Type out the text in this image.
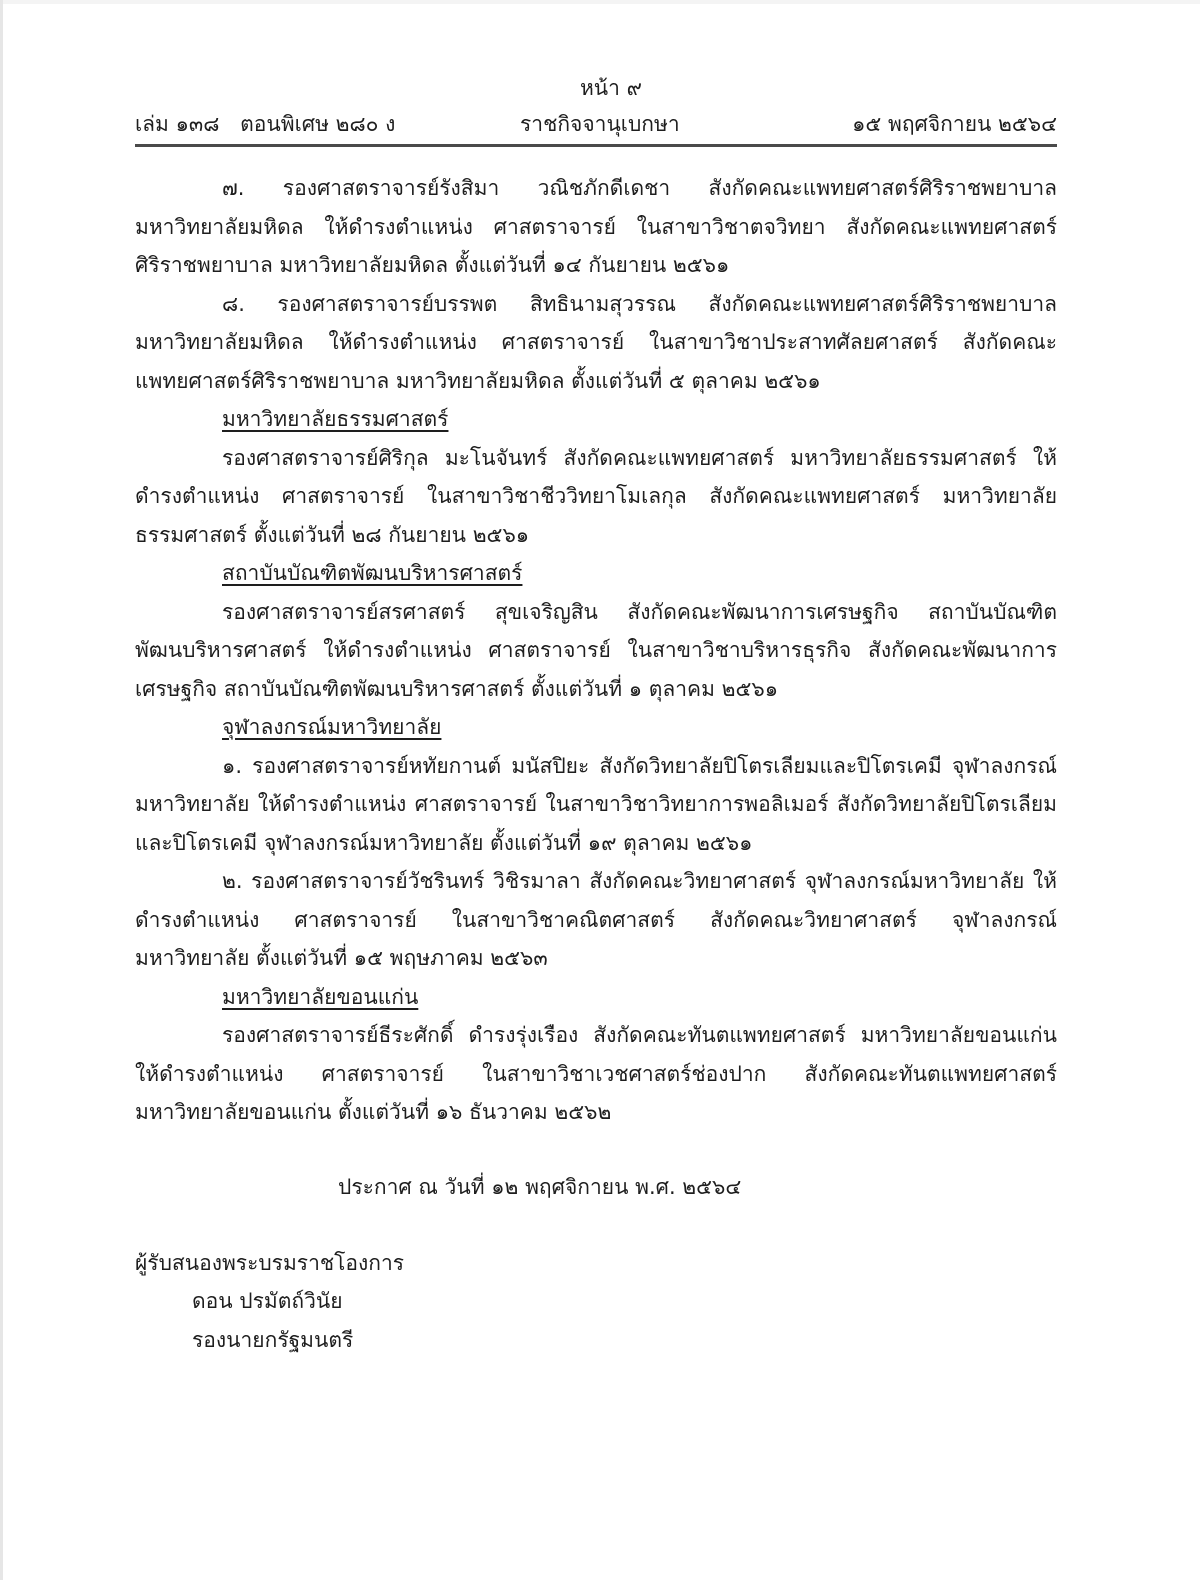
หน้า ๙
เล่ม ๑๓๘ ตอนพิเศษ ๒๘๐ ง	ราชกิจจานุเบกษา	๑๕ พฤศจิกายน ๒๕๖๔

๗. รองศาสตราจารย์รังสิมา วณิชภักดีเดชา สังกัดคณะแพทยศาสตร์ศิริราชพยาบาล มหาวิทยาลัยมหิดล ให้ดำรงตำแหน่ง ศาสตราจารย์ ในสาขาวิชาตจวิทยา สังกัดคณะแพทยศาสตร์ศิริราชพยาบาล มหาวิทยาลัยมหิดล ตั้งแต่วันที่ ๑๔ กันยายน ๒๕๖๑

๘. รองศาสตราจารย์บรรพต สิทธินามสุวรรณ สังกัดคณะแพทยศาสตร์ศิริราชพยาบาล มหาวิทยาลัยมหิดล ให้ดำรงตำแหน่ง ศาสตราจารย์ ในสาขาวิชาประสาทศัลยศาสตร์ สังกัดคณะแพทยศาสตร์ศิริราชพยาบาล มหาวิทยาลัยมหิดล ตั้งแต่วันที่ ๕ ตุลาคม ๒๕๖๑

มหาวิทยาลัยธรรมศาสตร์

รองศาสตราจารย์ศิริกุล มะโนจันทร์ สังกัดคณะแพทยศาสตร์ มหาวิทยาลัยธรรมศาสตร์ ให้ดำรงตำแหน่ง ศาสตราจารย์ ในสาขาวิชาชีววิทยาโมเลกุล สังกัดคณะแพทยศาสตร์ มหาวิทยาลัยธรรมศาสตร์ ตั้งแต่วันที่ ๒๘ กันยายน ๒๕๖๑

สถาบันบัณฑิตพัฒนบริหารศาสตร์

รองศาสตราจารย์สรศาสตร์ สุขเจริญสิน สังกัดคณะพัฒนาการเศรษฐกิจ สถาบันบัณฑิตพัฒนบริหารศาสตร์ ให้ดำรงตำแหน่ง ศาสตราจารย์ ในสาขาวิชาบริหารธุรกิจ สังกัดคณะพัฒนาการเศรษฐกิจ สถาบันบัณฑิตพัฒนบริหารศาสตร์ ตั้งแต่วันที่ ๑ ตุลาคม ๒๕๖๑

จุฬาลงกรณ์มหาวิทยาลัย

๑. รองศาสตราจารย์หทัยกานต์ มนัสปิยะ สังกัดวิทยาลัยปิโตรเลียมและปิโตรเคมี จุฬาลงกรณ์มหาวิทยาลัย ให้ดำรงตำแหน่ง ศาสตราจารย์ ในสาขาวิชาวิทยาการพอลิเมอร์ สังกัดวิทยาลัยปิโตรเลียมและปิโตรเคมี จุฬาลงกรณ์มหาวิทยาลัย ตั้งแต่วันที่ ๑๙ ตุลาคม ๒๕๖๑

๒. รองศาสตราจารย์วัชรินทร์ วิชิรมาลา สังกัดคณะวิทยาศาสตร์ จุฬาลงกรณ์มหาวิทยาลัย ให้ดำรงตำแหน่ง ศาสตราจารย์ ในสาขาวิชาคณิตศาสตร์ สังกัดคณะวิทยาศาสตร์ จุฬาลงกรณ์มหาวิทยาลัย ตั้งแต่วันที่ ๑๕ พฤษภาคม ๒๕๖๓

มหาวิทยาลัยขอนแก่น

รองศาสตราจารย์ธีระศักดิ์ ดำรงรุ่งเรือง สังกัดคณะทันตแพทยศาสตร์ มหาวิทยาลัยขอนแก่น ให้ดำรงตำแหน่ง ศาสตราจารย์ ในสาขาวิชาเวชศาสตร์ช่องปาก สังกัดคณะทันตแพทยศาสตร์ มหาวิทยาลัยขอนแก่น ตั้งแต่วันที่ ๑๖ ธันวาคม ๒๕๖๒

ประกาศ ณ วันที่ ๑๒ พฤศจิกายน พ.ศ. ๒๕๖๔
ผู้รับสนองพระบรมราชโองการ
ดอน ปรมัตถ์วินัย
รองนายกรัฐมนตรี
